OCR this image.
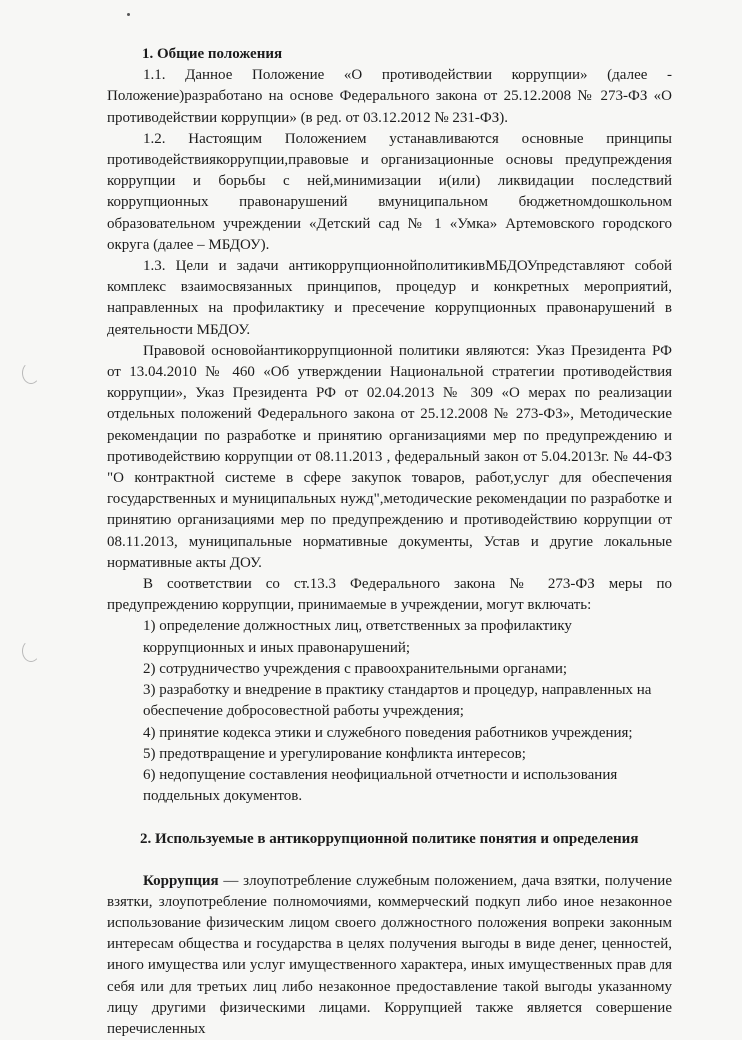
1. Общие положения

1.1. Данное Положение «О противодействии коррупции» (далее - Положение)разработано на основе Федерального закона от 25.12.2008 № 273-ФЗ «О противодействии коррупции» (в ред. от 03.12.2012 № 231-ФЗ).

1.2. Настоящим Положением устанавливаются основные принципы противодействиякоррупции,правовые и организационные основы предупреждения коррупции и борьбы с ней,минимизации и(или) ликвидации последствий коррупционных правонарушений вмуниципальном бюджетномдошкольном образовательном учреждении «Детский сад № 1 «Умка» Артемовского городского округа (далее – МБДОУ).

1.3. Цели и задачи антикоррупционнойполитикивМБДОУпредставляют собой комплекс взаимосвязанных принципов, процедур и конкретных мероприятий, направленных на профилактику и пресечение коррупционных правонарушений в деятельности МБДОУ.

Правовой основойантикоррупционной политики являются: Указ Президента РФ от 13.04.2010 № 460 «Об утверждении Национальной стратегии противодействия коррупции», Указ Президента РФ от 02.04.2013 № 309 «О мерах по реализации отдельных положений Федерального закона от 25.12.2008 № 273-ФЗ», Методические рекомендации по разработке и принятию организациями мер по предупреждению и противодействию коррупции от 08.11.2013 , федеральный закон от 5.04.2013г. № 44-ФЗ "О контрактной системе в сфере закупок товаров, работ,услуг для обеспечения государственных и муниципальных нужд",методические рекомендации по разработке и принятию организациями мер по предупреждению и противодействию коррупции от 08.11.2013, муниципальные нормативные документы, Устав и другие локальные нормативные акты ДОУ.

В соответствии со ст.13.3 Федерального закона № 273-ФЗ меры по предупреждению коррупции, принимаемые в учреждении, могут включать:

1) определение должностных лиц, ответственных за профилактику коррупционных и иных правонарушений;

2) сотрудничество учреждения с правоохранительными органами;

3) разработку и внедрение в практику стандартов и процедур, направленных на обеспечение добросовестной работы учреждения;

4) принятие кодекса этики и служебного поведения работников учреждения;

5) предотвращение и урегулирование конфликта интересов;

6) недопущение составления неофициальной отчетности и использования поддельных документов.

2. Используемые в антикоррупционной политике понятия и определения

Коррупция — злоупотребление служебным положением, дача взятки, получение взятки, злоупотребление полномочиями, коммерческий подкуп либо иное незаконное использование физическим лицом своего должностного положения вопреки законным интересам общества и государства в целях получения выгоды в виде денег, ценностей, иного имущества или услуг имущественного характера, иных имущественных прав для себя или для третьих лиц либо незаконное предоставление такой выгоды указанному лицу другими физическими лицами. Коррупцией также является совершение перечисленных
